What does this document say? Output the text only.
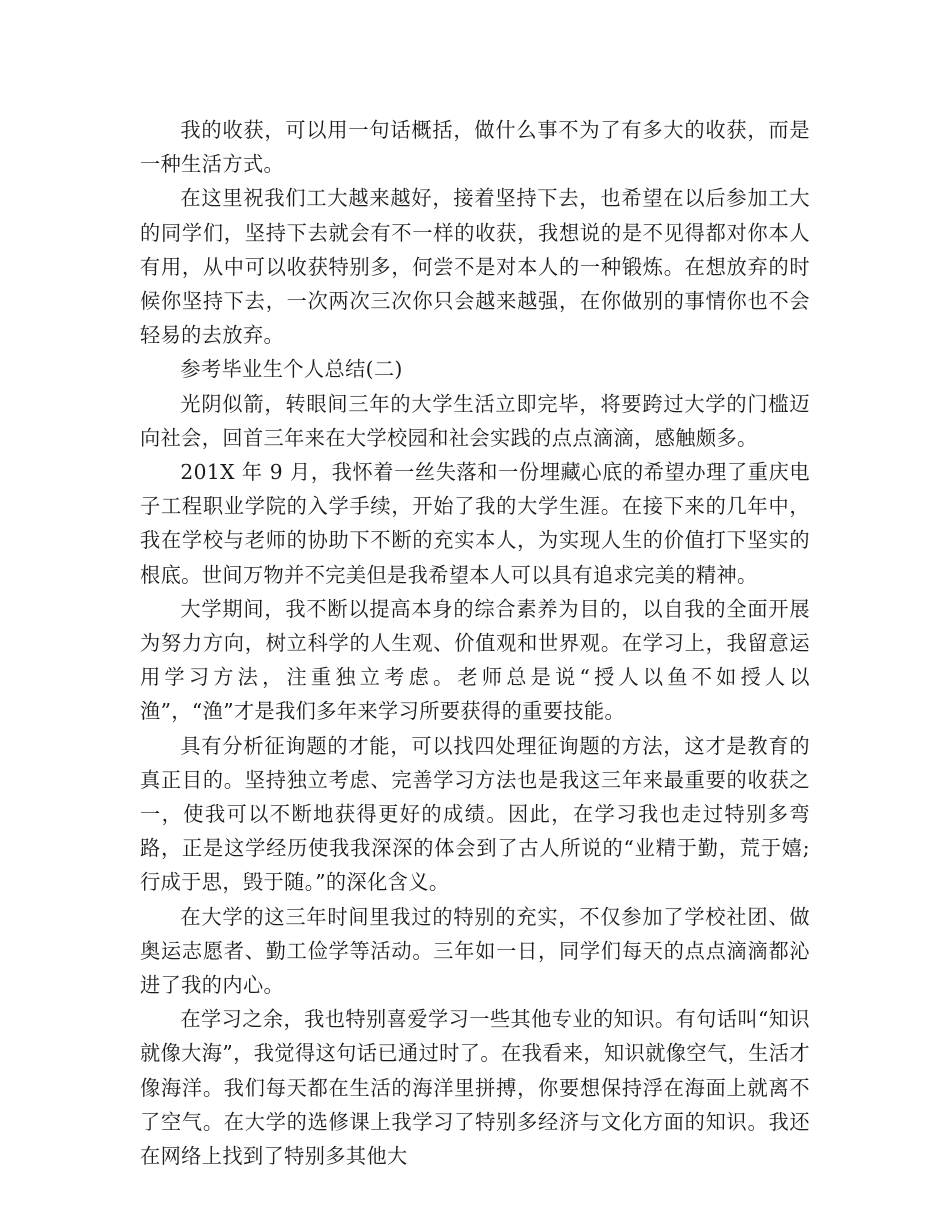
我的收获，可以用一句话概括，做什么事不为了有多大的收获，而是一种生活方式。

在这里祝我们工大越来越好，接着坚持下去，也希望在以后参加工大的同学们，坚持下去就会有不一样的收获，我想说的是不见得都对你本人有用，从中可以收获特别多，何尝不是对本人的一种锻炼。在想放弃的时候你坚持下去，一次两次三次你只会越来越强，在你做别的事情你也不会轻易的去放弃。

参考毕业生个人总结(二)

光阴似箭，转眼间三年的大学生活立即完毕，将要跨过大学的门槛迈向社会，回首三年来在大学校园和社会实践的点点滴滴，感触颇多。

201X 年 9 月，我怀着一丝失落和一份埋藏心底的希望办理了重庆电子工程职业学院的入学手续，开始了我的大学生涯。在接下来的几年中，我在学校与老师的协助下不断的充实本人，为实现人生的价值打下坚实的根底。世间万物并不完美但是我希望本人可以具有追求完美的精神。

大学期间，我不断以提高本身的综合素养为目的，以自我的全面开展为努力方向，树立科学的人生观、价值观和世界观。在学习上，我留意运用学习方法，注重独立考虑。老师总是说“授人以鱼不如授人以渔”，“渔”才是我们多年来学习所要获得的重要技能。

具有分析征询题的才能，可以找四处理征询题的方法，这才是教育的真正目的。坚持独立考虑、完善学习方法也是我这三年来最重要的收获之一，使我可以不断地获得更好的成绩。因此，在学习我也走过特别多弯路，正是这学经历使我我深深的体会到了古人所说的“业精于勤，荒于嬉;行成于思，毁于随。”的深化含义。

在大学的这三年时间里我过的特别的充实，不仅参加了学校社团、做奥运志愿者、勤工俭学等活动。三年如一日，同学们每天的点点滴滴都沁进了我的内心。

在学习之余，我也特别喜爱学习一些其他专业的知识。有句话叫“知识就像大海”，我觉得这句话已通过时了。在我看来，知识就像空气，生活才像海洋。我们每天都在生活的海洋里拼搏，你要想保持浮在海面上就离不了空气。在大学的选修课上我学习了特别多经济与文化方面的知识。我还在网络上找到了特别多其他大
